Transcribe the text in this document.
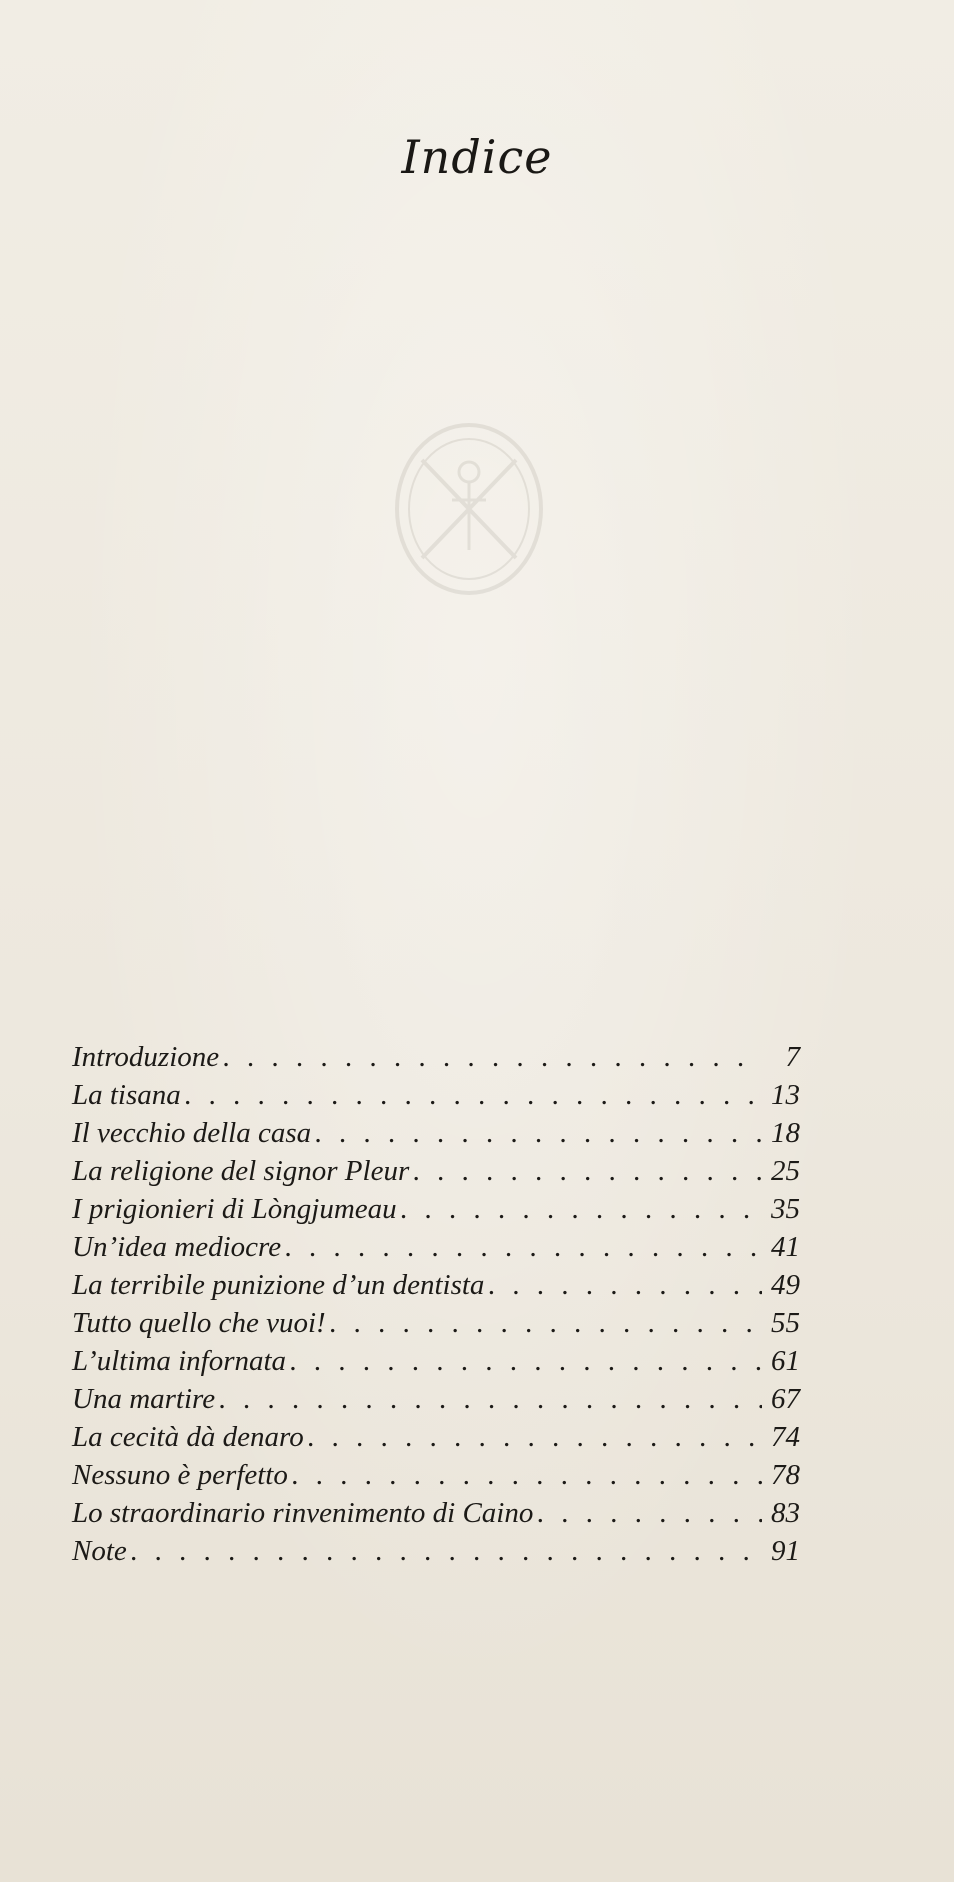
Indice
Introduzione . . .	7
La tisana . . .	13
Il vecchio della casa . . .	18
La religione del signor Pleur . . .	25
I prigionieri di Lòngjumeau . . .	35
Un’idea mediocre . . .	41
La terribile punizione d’un dentista . . .	49
Tutto quello che vuoi! . . .	55
L’ultima infornata . . .	61
Una martire . . .	67
La cecità dà denaro . . .	74
Nessuno è perfetto . . .	78
Lo straordinario rinvenimento di Caino . . .	83
Note . . .	91
